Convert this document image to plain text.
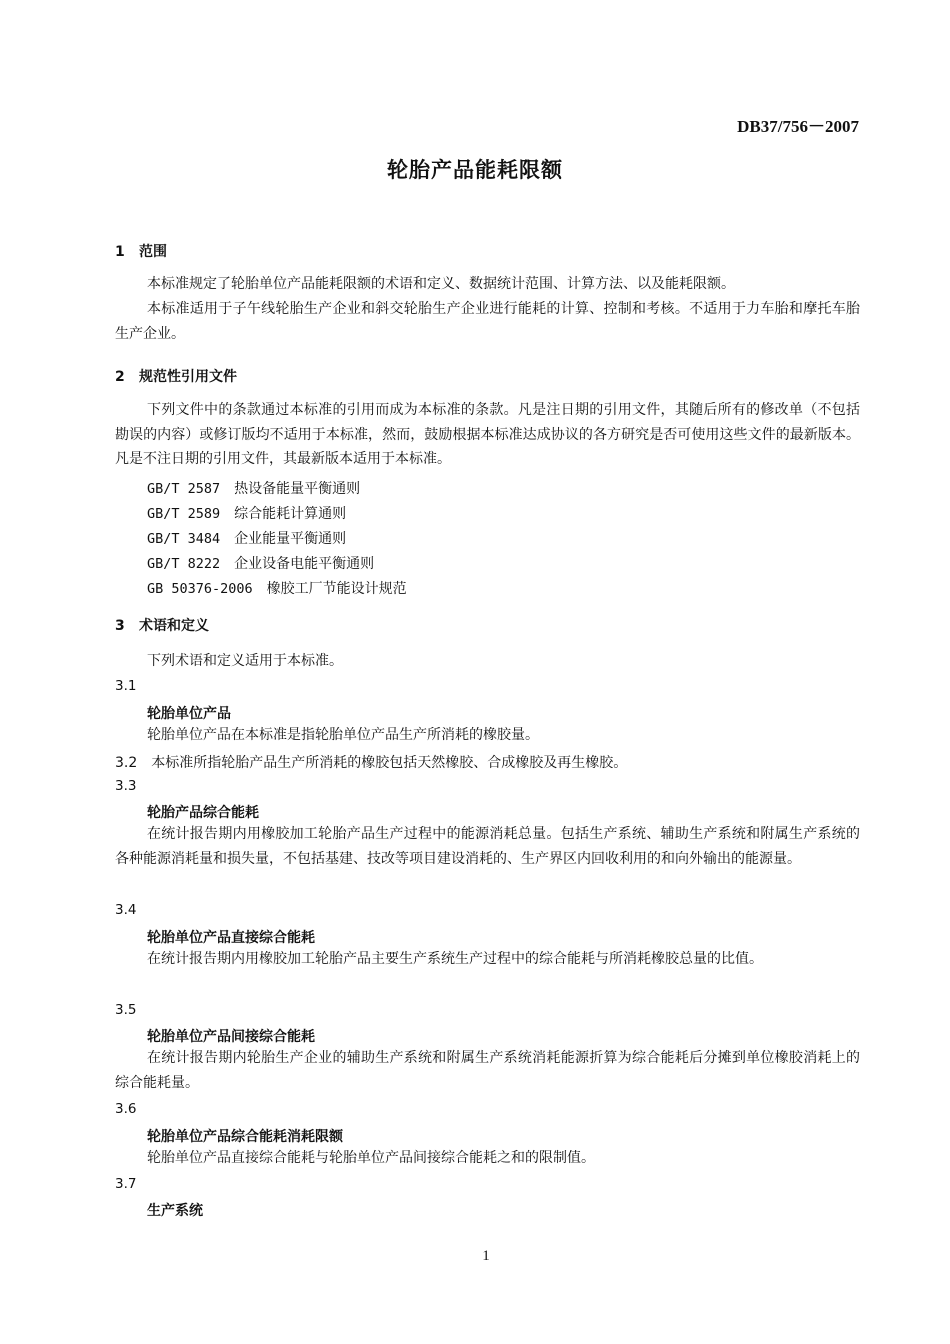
DB37/756－2007
轮胎产品能耗限额
1 范围
本标准规定了轮胎单位产品能耗限额的术语和定义、数据统计范围、计算方法、以及能耗限额。
本标准适用于子午线轮胎生产企业和斜交轮胎生产企业进行能耗的计算、控制和考核。不适用于力车胎和摩托车胎生产企业。
2 规范性引用文件
下列文件中的条款通过本标准的引用而成为本标准的条款。凡是注日期的引用文件，其随后所有的修改单（不包括勘误的内容）或修订版均不适用于本标准，然而，鼓励根据本标准达成协议的各方研究是否可使用这些文件的最新版本。凡是不注日期的引用文件，其最新版本适用于本标准。
GB/T 2587 热设备能量平衡通则
GB/T 2589 综合能耗计算通则
GB/T 3484 企业能量平衡通则
GB/T 8222 企业设备电能平衡通则
GB 50376-2006 橡胶工厂节能设计规范
3 术语和定义
下列术语和定义适用于本标准。
3.1
轮胎单位产品
轮胎单位产品在本标准是指轮胎单位产品生产所消耗的橡胶量。
3.2 本标准所指轮胎产品生产所消耗的橡胶包括天然橡胶、合成橡胶及再生橡胶。
3.3
轮胎产品综合能耗
在统计报告期内用橡胶加工轮胎产品生产过程中的能源消耗总量。包括生产系统、辅助生产系统和附属生产系统的各种能源消耗量和损失量，不包括基建、技改等项目建设消耗的、生产界区内回收利用的和向外输出的能源量。
3.4
轮胎单位产品直接综合能耗
在统计报告期内用橡胶加工轮胎产品主要生产系统生产过程中的综合能耗与所消耗橡胶总量的比值。
3.5
轮胎单位产品间接综合能耗
在统计报告期内轮胎生产企业的辅助生产系统和附属生产系统消耗能源折算为综合能耗后分摊到单位橡胶消耗上的综合能耗量。
3.6
轮胎单位产品综合能耗消耗限额
轮胎单位产品直接综合能耗与轮胎单位产品间接综合能耗之和的限制值。
3.7
生产系统
1
